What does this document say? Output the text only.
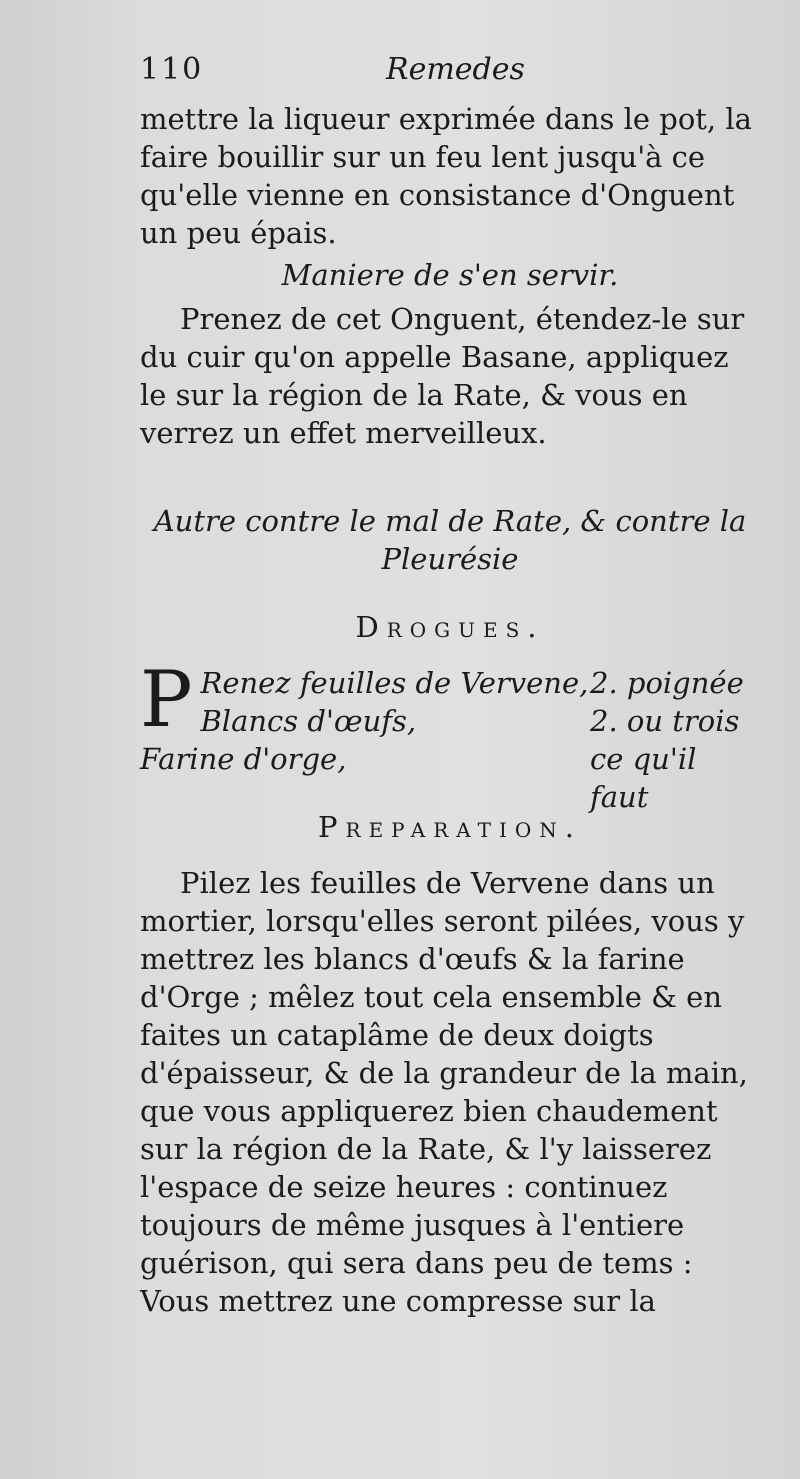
110	Remedes

mettre la liqueur exprimée dans le pot, la faire bouillir sur un feu lent jusqu'à ce qu'elle vienne en consistance d'Onguent un peu épais.

Maniere de s'en servir.

Prenez de cet Onguent, étendez-le sur du cuir qu'on appelle Basane, appliquez le sur la région de la Rate, & vous en verrez un effet merveilleux.

Autre contre le mal de Rate, & contre la

Pleurésie

Drogues.

P Renez feuilles de Vervene, 2. poignée
Blancs d'œufs,	2. ou trois
Farine d'orge,	ce qu'il faut

Preparation.

Pilez les feuilles de Vervene dans un mortier, lorsqu'elles seront pilées, vous y mettrez les blancs d'œufs & la farine d'Orge ; mêlez tout cela ensemble & en faites un cataplâme de deux doigts d'épaisseur, & de la grandeur de la main, que vous appliquerez bien chaudement sur la région de la Rate, & l'y laisserez l'espace de seize heures : continuez toujours de même jusques à l'entiere guérison, qui sera dans peu de tems : Vous mettrez une compresse sur la
